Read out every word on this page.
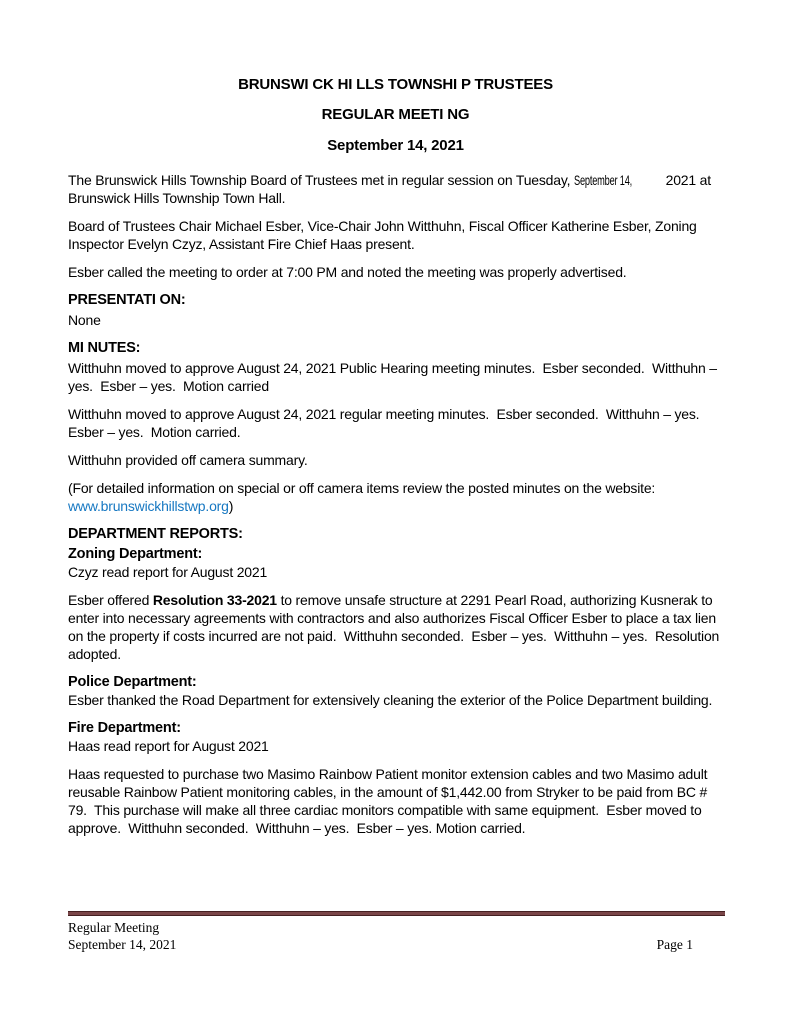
BRUNSWI CK HI LLS TOWNSHI P TRUSTEES
REGULAR MEETI NG
September 14, 2021

The Brunswick Hills Township Board of Trustees met in regular session on Tuesday, September 14, 2021 at Brunswick Hills Township Town Hall.

Board of Trustees Chair Michael Esber, Vice-Chair John Witthuhn, Fiscal Officer Katherine Esber, Zoning Inspector Evelyn Czyz, Assistant Fire Chief Haas present.

Esber called the meeting to order at 7:00 PM and noted the meeting was properly advertised.

PRESENTATI ON:

None

MI NUTES:

Witthuhn moved to approve August 24, 2021 Public Hearing meeting minutes.  Esber seconded.  Witthuhn – yes.  Esber – yes.  Motion carried

Witthuhn moved to approve August 24, 2021 regular meeting minutes.  Esber seconded.  Witthuhn – yes.  Esber – yes.  Motion carried.

Witthuhn provided off camera summary.

(For detailed information on special or off camera items review the posted minutes on the website: www.brunswickhillstwp.org)

DEPARTMENT REPORTS:
Zoning Department:

Czyz read report for August 2021

Esber offered Resolution 33-2021 to remove unsafe structure at 2291 Pearl Road, authorizing Kusnerak to enter into necessary agreements with contractors and also authorizes Fiscal Officer Esber to place a tax lien on the property if costs incurred are not paid.  Witthuhn seconded.  Esber – yes.  Witthuhn – yes.  Resolution adopted.

Police Department:

Esber thanked the Road Department for extensively cleaning the exterior of the Police Department building.

Fire Department:

Haas read report for August 2021

Haas requested to purchase two Masimo Rainbow Patient monitor extension cables and two Masimo adult reusable Rainbow Patient monitoring cables, in the amount of $1,442.00 from Stryker to be paid from BC # 79.  This purchase will make all three cardiac monitors compatible with same equipment.  Esber moved to approve.  Witthuhn seconded.  Witthuhn – yes.  Esber – yes. Motion carried.

Regular Meeting
September 14, 2021	Page 1
